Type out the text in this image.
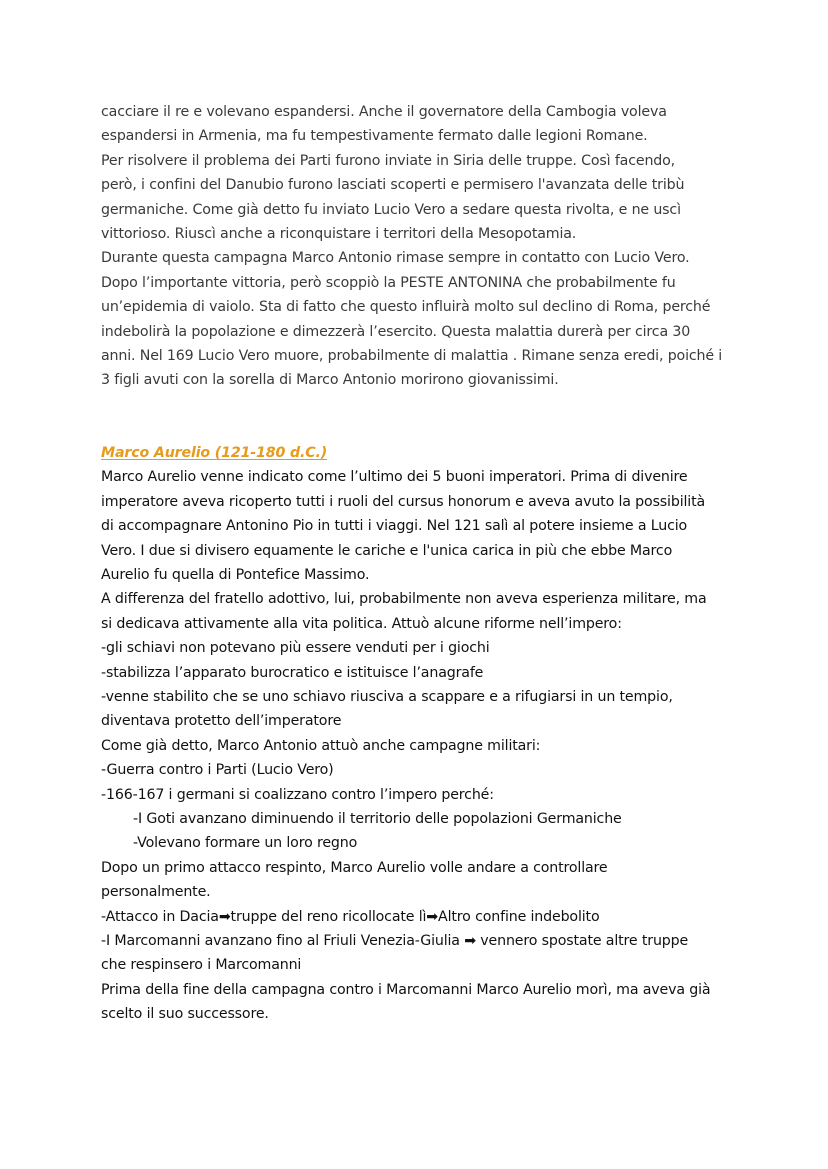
cacciare il re e volevano espandersi. Anche il governatore della Cambogia voleva

espandersi in Armenia, ma fu tempestivamente fermato dalle legioni Romane.

Per risolvere il problema dei Parti furono inviate in Siria delle truppe. Così facendo,

però, i confini del Danubio furono lasciati scoperti e permisero l'avanzata delle tribù

germaniche. Come già detto fu inviato Lucio Vero a sedare questa rivolta, e ne uscì

vittorioso. Riuscì anche a riconquistare i territori della Mesopotamia.

Durante questa campagna Marco Antonio rimase sempre in contatto con Lucio Vero.

Dopo l’importante vittoria, però scoppiò la PESTE ANTONINA che probabilmente fu

un’epidemia di vaiolo. Sta di fatto che questo influirà molto sul declino di Roma, perché

indebolirà la popolazione e dimezzerà l’esercito. Questa malattia durerà per circa 30

anni. Nel 169 Lucio Vero muore, probabilmente di malattia . Rimane senza eredi, poiché i

3 figli avuti con la sorella di Marco Antonio morirono giovanissimi.

Marco Aurelio (121-180 d.C.)

Marco Aurelio venne indicato come l’ultimo dei 5 buoni imperatori. Prima di divenire

imperatore aveva ricoperto tutti i ruoli del cursus honorum e aveva avuto la possibilità

di accompagnare Antonino Pio in tutti i viaggi. Nel 121 salì al potere insieme a Lucio

Vero. I due si divisero equamente le cariche e l'unica carica in più che ebbe Marco

Aurelio fu quella di Pontefice Massimo.

A differenza del fratello adottivo, lui, probabilmente non aveva esperienza militare, ma

si dedicava attivamente alla vita politica. Attuò alcune riforme nell’impero:

-gli schiavi non potevano più essere venduti per i giochi

-stabilizza l’apparato burocratico e istituisce l’anagrafe

-venne stabilito che se uno schiavo riusciva a scappare e a rifugiarsi in un tempio,

diventava protetto dell’imperatore

Come già detto, Marco Antonio attuò anche campagne militari:

-Guerra contro i Parti (Lucio Vero)

-166-167 i germani si coalizzano contro l’impero perché:

-I Goti avanzano diminuendo il territorio delle popolazioni Germaniche

-Volevano formare un loro regno

Dopo un primo attacco respinto, Marco Aurelio volle andare a controllare

personalmente.

-Attacco in Dacia➡truppe del reno ricollocate lì➡Altro confine indebolito

-I Marcomanni avanzano fino al Friuli Venezia-Giulia ➡ vennero spostate altre truppe

che respinsero i Marcomanni

Prima della fine della campagna contro i Marcomanni Marco Aurelio morì, ma aveva già

scelto il suo successore.
